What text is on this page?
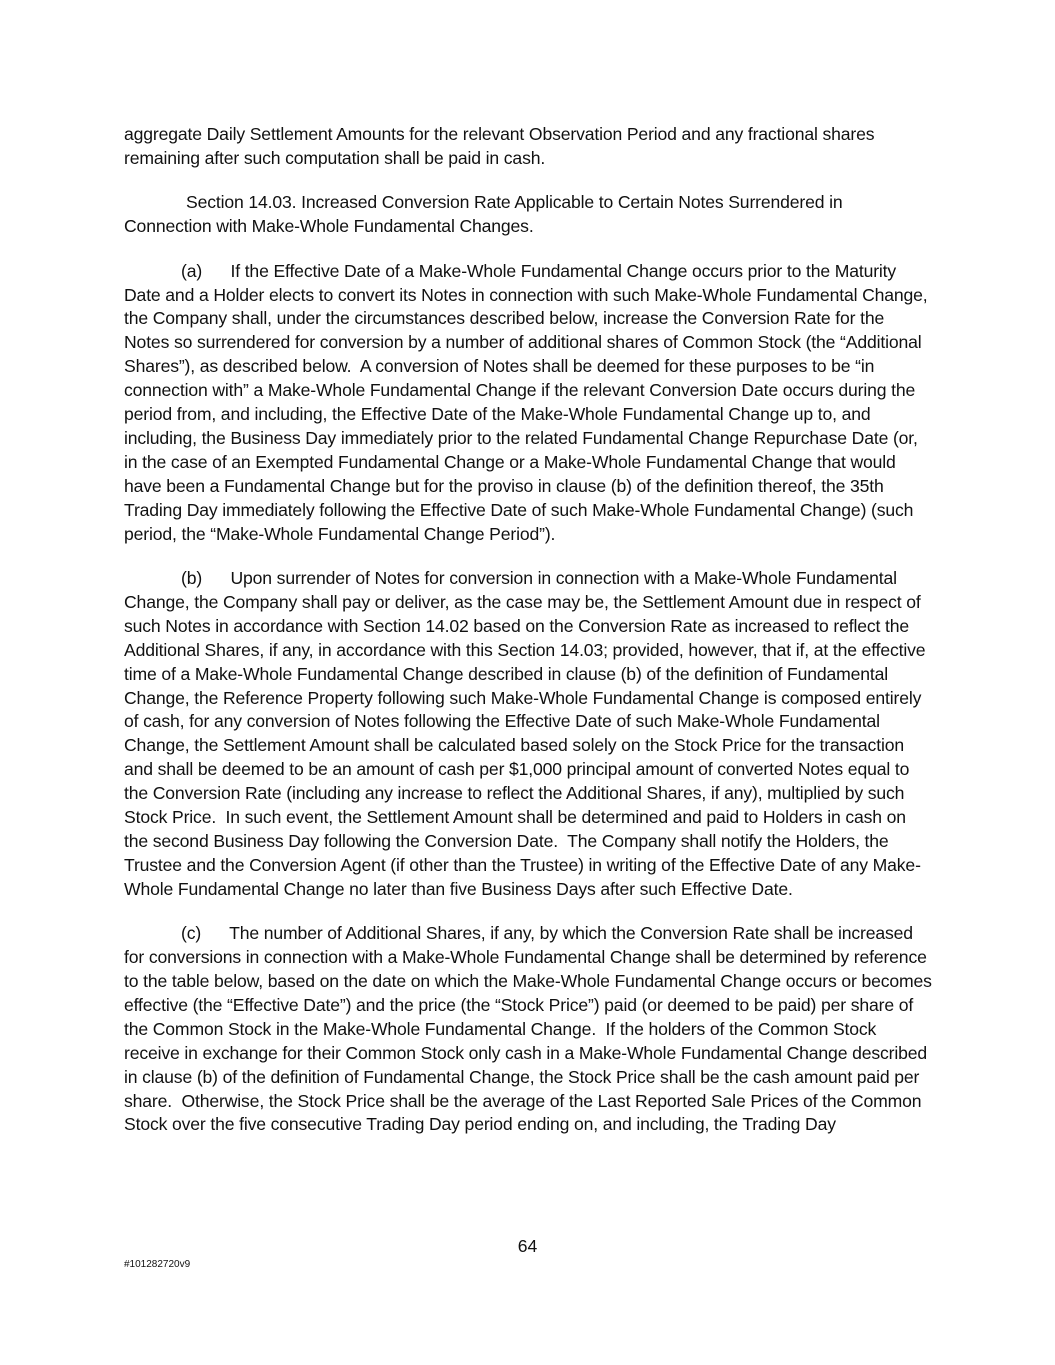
aggregate Daily Settlement Amounts for the relevant Observation Period and any fractional shares remaining after such computation shall be paid in cash.

Section 14.03. Increased Conversion Rate Applicable to Certain Notes Surrendered in Connection with Make-Whole Fundamental Changes.

(a)      If the Effective Date of a Make-Whole Fundamental Change occurs prior to the Maturity Date and a Holder elects to convert its Notes in connection with such Make-Whole Fundamental Change, the Company shall, under the circumstances described below, increase the Conversion Rate for the Notes so surrendered for conversion by a number of additional shares of Common Stock (the “Additional Shares”), as described below.  A conversion of Notes shall be deemed for these purposes to be “in connection with” a Make-Whole Fundamental Change if the relevant Conversion Date occurs during the period from, and including, the Effective Date of the Make-Whole Fundamental Change up to, and including, the Business Day immediately prior to the related Fundamental Change Repurchase Date (or, in the case of an Exempted Fundamental Change or a Make-Whole Fundamental Change that would have been a Fundamental Change but for the proviso in clause (b) of the definition thereof, the 35th Trading Day immediately following the Effective Date of such Make-Whole Fundamental Change) (such period, the “Make-Whole Fundamental Change Period”).

(b)      Upon surrender of Notes for conversion in connection with a Make-Whole Fundamental Change, the Company shall pay or deliver, as the case may be, the Settlement Amount due in respect of such Notes in accordance with Section 14.02 based on the Conversion Rate as increased to reflect the Additional Shares, if any, in accordance with this Section 14.03; provided, however, that if, at the effective time of a Make-Whole Fundamental Change described in clause (b) of the definition of Fundamental Change, the Reference Property following such Make-Whole Fundamental Change is composed entirely of cash, for any conversion of Notes following the Effective Date of such Make-Whole Fundamental Change, the Settlement Amount shall be calculated based solely on the Stock Price for the transaction and shall be deemed to be an amount of cash per $1,000 principal amount of converted Notes equal to the Conversion Rate (including any increase to reflect the Additional Shares, if any), multiplied by such Stock Price.  In such event, the Settlement Amount shall be determined and paid to Holders in cash on the second Business Day following the Conversion Date.  The Company shall notify the Holders, the Trustee and the Conversion Agent (if other than the Trustee) in writing of the Effective Date of any Make-Whole Fundamental Change no later than five Business Days after such Effective Date.

(c)      The number of Additional Shares, if any, by which the Conversion Rate shall be increased for conversions in connection with a Make-Whole Fundamental Change shall be determined by reference to the table below, based on the date on which the Make-Whole Fundamental Change occurs or becomes effective (the “Effective Date”) and the price (the “Stock Price”) paid (or deemed to be paid) per share of the Common Stock in the Make-Whole Fundamental Change.  If the holders of the Common Stock receive in exchange for their Common Stock only cash in a Make-Whole Fundamental Change described in clause (b) of the definition of Fundamental Change, the Stock Price shall be the cash amount paid per share.  Otherwise, the Stock Price shall be the average of the Last Reported Sale Prices of the Common Stock over the five consecutive Trading Day period ending on, and including, the Trading Day

64
#101282720v9
